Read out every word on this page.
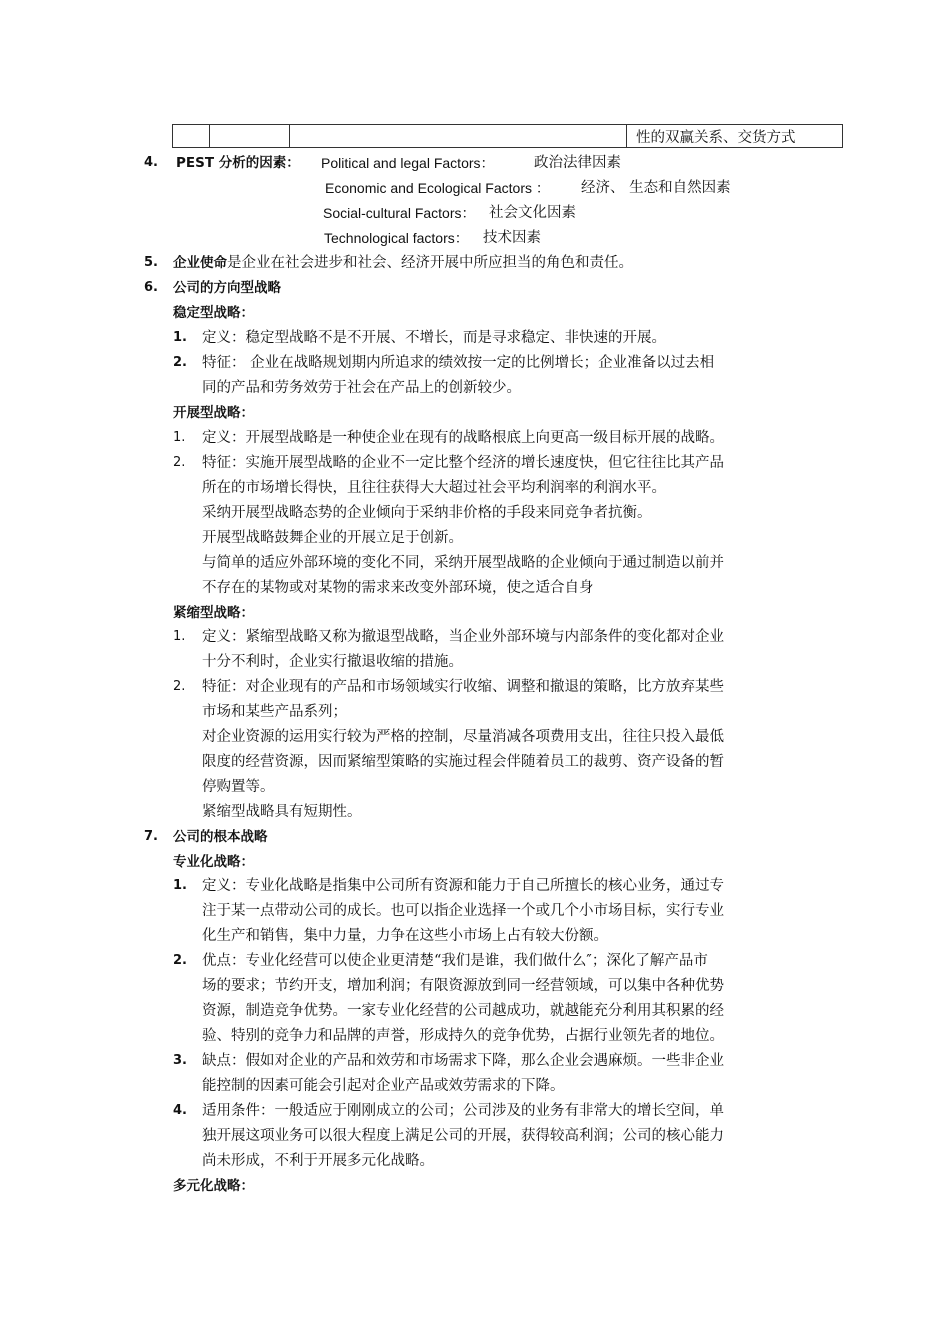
			性的双赢关系、交货方式
4. PEST 分析的因素： Political and legal Factors：	政治法律因素
Economic and Ecological Factors ： 经济、 生态和自然因素
Social-cultural Factors： 社会文化因素
Technological factors： 技术因素
5. 企业使命是企业在社会进步和社会、经济开展中所应担当的角色和责任。
6. 公司的方向型战略
稳定型战略：
1. 定义：稳定型战略不是不开展、不增长，而是寻求稳定、非快速的开展。
2. 特征： 企业在战略规划期内所追求的绩效按一定的比例增长；企业准备以过去相
同的产品和劳务效劳于社会在产品上的创新较少。
开展型战略：
1. 定义：开展型战略是一种使企业在现有的战略根底上向更高一级目标开展的战略。
2. 特征：实施开展型战略的企业不一定比整个经济的增长速度快，但它往往比其产品
所在的市场增长得快，且往往获得大大超过社会平均利润率的利润水平。
采纳开展型战略态势的企业倾向于采纳非价格的手段来同竞争者抗衡。
开展型战略鼓舞企业的开展立足于创新。
与简单的适应外部环境的变化不同，采纳开展型战略的企业倾向于通过制造以前并
不存在的某物或对某物的需求来改变外部环境，使之适合自身
紧缩型战略：
1. 定义：紧缩型战略又称为撤退型战略，当企业外部环境与内部条件的变化都对企业
十分不利时，企业实行撤退收缩的措施。
2. 特征：对企业现有的产品和市场领域实行收缩、调整和撤退的策略，比方放弃某些
市场和某些产品系列；
对企业资源的运用实行较为严格的控制，尽量消减各项费用支出，往往只投入最低
限度的经营资源，因而紧缩型策略的实施过程会伴随着员工的裁剪、资产设备的暂
停购置等。
紧缩型战略具有短期性。
7. 公司的根本战略
专业化战略：
1. 定义：专业化战略是指集中公司所有资源和能力于自己所擅长的核心业务，通过专
注于某一点带动公司的成长。也可以指企业选择一个或几个小市场目标，实行专业
化生产和销售，集中力量，力争在这些小市场上占有较大份额。
2. 优点：专业化经营可以使企业更清楚“我们是谁，我们做什么″；深化了解产品市
场的要求；节约开支，增加利润；有限资源放到同一经营领域，可以集中各种优势
资源，制造竞争优势。一家专业化经营的公司越成功，就越能充分利用其积累的经
验、特别的竞争力和品牌的声誉，形成持久的竞争优势，占据行业领先者的地位。
3. 缺点：假如对企业的产品和效劳和市场需求下降，那么企业会遇麻烦。一些非企业
能控制的因素可能会引起对企业产品或效劳需求的下降。
4. 适用条件：一般适应于刚刚成立的公司；公司涉及的业务有非常大的增长空间，单
独开展这项业务可以很大程度上满足公司的开展，获得较高利润；公司的核心能力
尚未形成，不利于开展多元化战略。
多元化战略：
